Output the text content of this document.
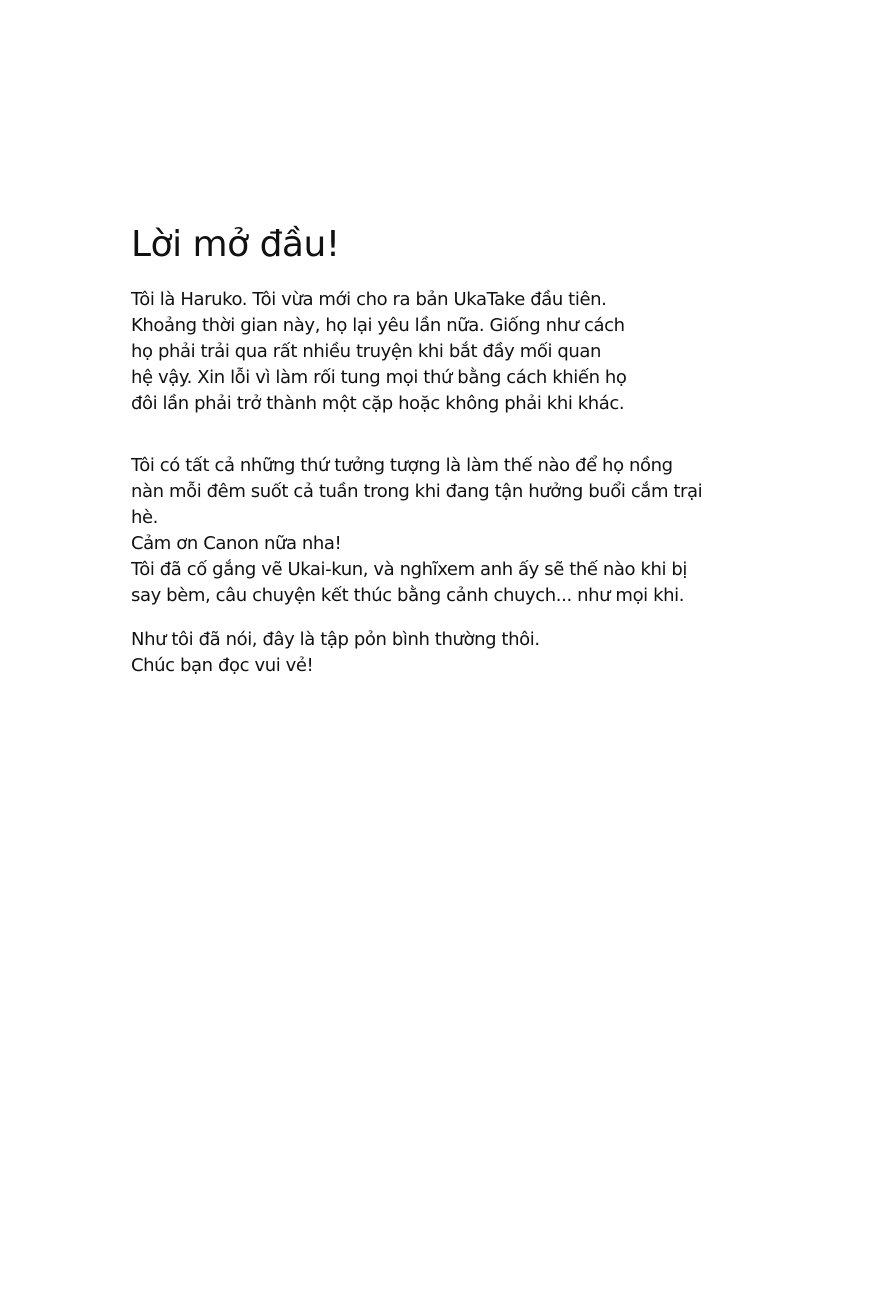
Lời mở đầu!
Tôi là Haruko. Tôi vừa mới cho ra bản UkaTake đầu tiên.
Khoảng thời gian này, họ lại yêu lần nữa. Giống như cách
họ phải trải qua rất nhiều truyện khi bắt đầy mối quan
hệ vậy. Xin lỗi vì làm rối tung mọi thứ bằng cách khiến họ
đôi lần phải trở thành một cặp hoặc không phải khi khác.
Tôi có tất cả những thứ tưởng tượng là làm thế nào để họ nồng
nàn mỗi đêm suốt cả tuần trong khi đang tận hưởng buổi cắm trại
hè.
Cảm ơn Canon nữa nha!
Tôi đã cố gắng vẽ Ukai-kun, và nghĩxem anh ấy sẽ thế nào khi bị
say bèm, câu chuyện kết thúc bằng cảnh chuych... như mọi khi.
Như tôi đã nói, đây là tập pỏn bình thường thôi.
Chúc bạn đọc vui vẻ!
